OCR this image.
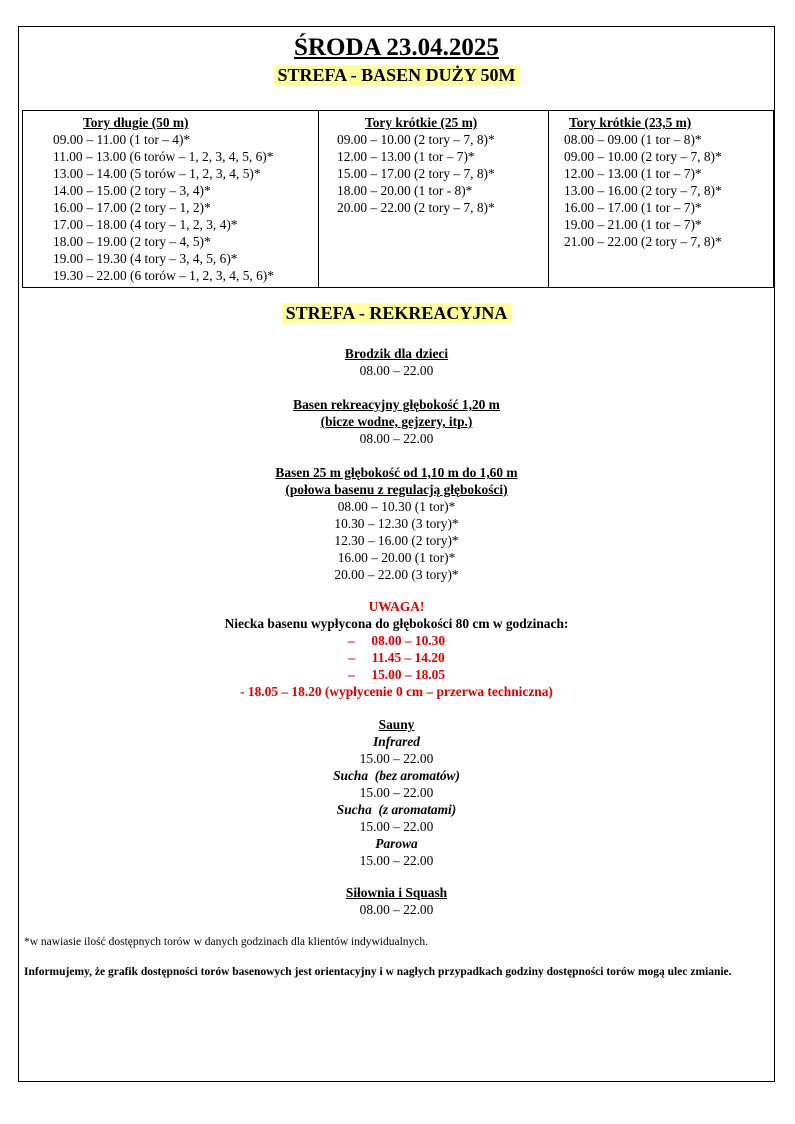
ŚRODA 23.04.2025
STREFA - BASEN DUŻY 50M
Tory długie (50 m)
09.00 – 11.00 (1 tor – 4)*
11.00 – 13.00 (6 torów – 1, 2, 3, 4, 5, 6)*
13.00 – 14.00 (5 torów – 1, 2, 3, 4, 5)*
14.00 – 15.00 (2 tory – 3, 4)*
16.00 – 17.00 (2 tory – 1, 2)*
17.00 – 18.00 (4 tory – 1, 2, 3, 4)*
18.00 – 19.00 (2 tory – 4, 5)*
19.00 – 19.30 (4 tory – 3, 4, 5, 6)*
19.30 – 22.00 (6 torów – 1, 2, 3, 4, 5, 6)*
Tory krótkie (25 m)
09.00 – 10.00 (2 tory – 7, 8)*
12.00 – 13.00 (1 tor – 7)*
15.00 – 17.00 (2 tory – 7, 8)*
18.00 – 20.00 (1 tor - 8)*
20.00 – 22.00 (2 tory – 7, 8)*
Tory krótkie (23,5 m)
08.00 – 09.00 (1 tor – 8)*
09.00 – 10.00 (2 tory – 7, 8)*
12.00 – 13.00 (1 tor – 7)*
13.00 – 16.00 (2 tory – 7, 8)*
16.00 – 17.00 (1 tor – 7)*
19.00 – 21.00 (1 tor – 7)*
21.00 – 22.00 (2 tory – 7, 8)*
STREFA - REKREACYJNA
Brodzik dla dzieci
08.00 – 22.00
Basen rekreacyjny głębokość 1,20 m
(bicze wodne, gejzery, itp.)
08.00 – 22.00
Basen 25 m głębokość od 1,10 m do 1,60 m
(połowa basenu z regulacją głębokości)
08.00 – 10.30 (1 tor)*
10.30 – 12.30 (3 tory)*
12.30 – 16.00 (2 tory)*
16.00 – 20.00 (1 tor)*
20.00 – 22.00 (3 tory)*
UWAGA!
Niecka basenu wypłycona do głębokości 80 cm w godzinach:
–     08.00 – 10.30
–     11.45 – 14.20
–     15.00 – 18.05
- 18.05 – 18.20 (wypłycenie 0 cm – przerwa techniczna)
Sauny
Infrared
15.00 – 22.00
Sucha  (bez aromatów)
15.00 – 22.00
Sucha  (z aromatami)
15.00 – 22.00
Parowa
15.00 – 22.00
Siłownia i Squash
08.00 – 22.00
*w nawiasie ilość dostępnych torów w danych godzinach dla klientów indywidualnych.
Informujemy, że grafik dostępności torów basenowych jest orientacyjny i w nagłych przypadkach godziny dostępności torów mogą ulec zmianie.
